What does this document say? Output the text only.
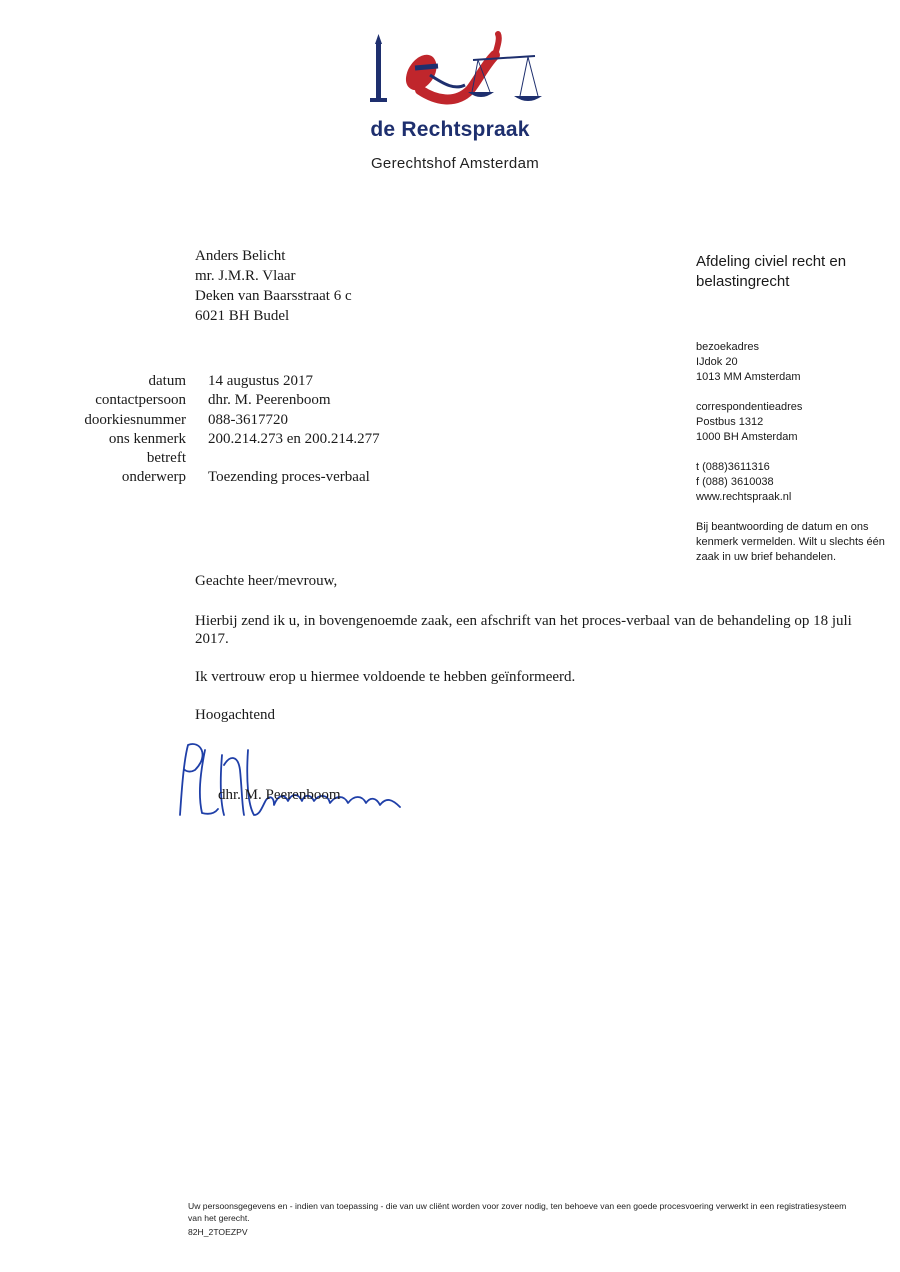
de Rechtspraak
Gerechtshof Amsterdam
Anders Belicht
mr. J.M.R. Vlaar
Deken van Baarsstraat 6 c
6021 BH Budel
datum	14 augustus 2017
contactpersoon	dhr. M. Peerenboom
doorkiesnummer	088-3617720
ons kenmerk	200.214.273 en 200.214.277
betreft
onderwerp	Toezending proces-verbaal
Afdeling civiel recht en belastingrecht
bezoekadres
IJdok 20
1013 MM Amsterdam
correspondentieadres
Postbus 1312
1000 BH Amsterdam
t (088)3611316
f (088) 3610038
www.rechtspraak.nl
Bij beantwoording de datum en ons kenmerk vermelden. Wilt u slechts één zaak in uw brief behandelen.

Geachte heer/mevrouw,

Hierbij zend ik u, in bovengenoemde zaak, een afschrift van het proces-verbaal van de behandeling op 18 juli 2017.

Ik vertrouw erop u hiermee voldoende te hebben geïnformeerd.

Hoogachtend

dhr. M. Peerenboom
Uw persoonsgegevens en - indien van toepassing - die van uw cliënt worden voor zover nodig, ten behoeve van een goede procesvoering verwerkt in een registratiesysteem van het gerecht.
82H_2TOEZPV
